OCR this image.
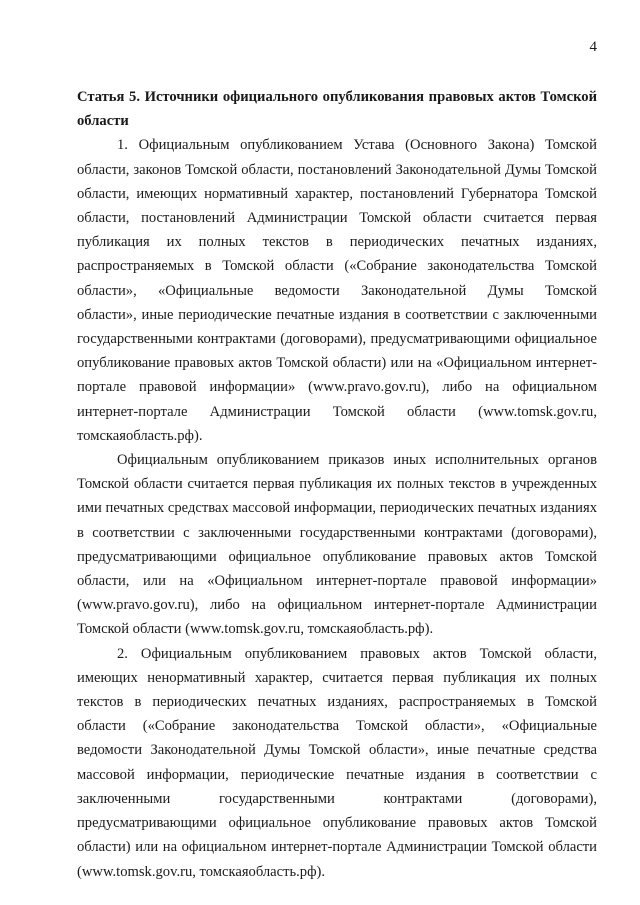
4

Статья 5. Источники официального опубликования правовых актов Томской области

1. Официальным опубликованием Устава (Основного Закона) Томской области, законов Томской области, постановлений Законодательной Думы Томской области, имеющих нормативный характер, постановлений Губернатора Томской области, постановлений Администрации Томской области считается первая публикация их полных текстов в периодических печатных изданиях, распространяемых в Томской области («Собрание законодательства Томской области», «Официальные ведомости Законодательной Думы Томской области», иные периодические печатные издания в соответствии с заключенными государственными контрактами (договорами), предусматривающими официальное опубликование правовых актов Томской области) или на «Официальном интернет-портале правовой информации» (www.pravo.gov.ru), либо на официальном интернет-портале Администрации Томской области (www.tomsk.gov.ru, томскаяобласть.рф).

Официальным опубликованием приказов иных исполнительных органов Томской области считается первая публикация их полных текстов в учрежденных ими печатных средствах массовой информации, периодических печатных изданиях в соответствии с заключенными государственными контрактами (договорами), предусматривающими официальное опубликование правовых актов Томской области, или на «Официальном интернет-портале правовой информации» (www.pravo.gov.ru), либо на официальном интернет-портале Администрации Томской области (www.tomsk.gov.ru, томскаяобласть.рф).

2. Официальным опубликованием правовых актов Томской области, имеющих ненормативный характер, считается первая публикация их полных текстов в периодических печатных изданиях, распространяемых в Томской области («Собрание законодательства Томской области», «Официальные ведомости Законодательной Думы Томской области», иные печатные средства массовой информации, периодические печатные издания в соответствии с заключенными государственными контрактами (договорами), предусматривающими официальное опубликование правовых актов Томской области) или на официальном интернет-портале Администрации Томской области (www.tomsk.gov.ru, томскаяобласть.рф).
